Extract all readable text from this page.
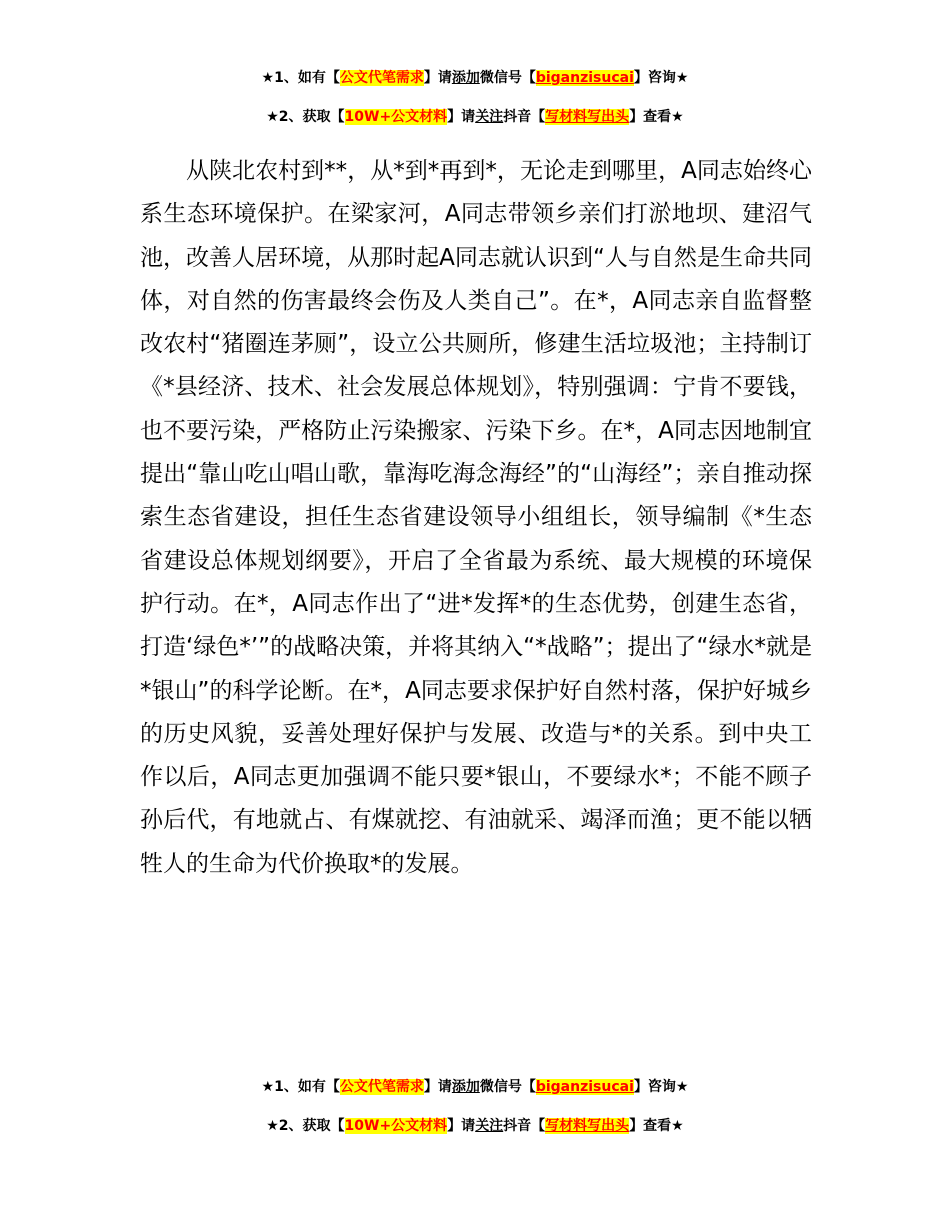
★1、如有【公文代笔需求】请添加微信号【biganzisucai】咨询★
★2、获取【10W+公文材料】请关注抖音【写材料写出头】查看★

从陕北农村到**，从*到*再到*，无论走到哪里，A同志始终心系生态环境保护。在梁家河，A同志带领乡亲们打淤地坝、建沼气池，改善人居环境，从那时起A同志就认识到“人与自然是生命共同体，对自然的伤害最终会伤及人类自己”。在*，A同志亲自监督整改农村“猪圈连茅厕”，设立公共厕所，修建生活垃圾池；主持制订《*县经济、技术、社会发展总体规划》，特别强调：宁肯不要钱，也不要污染，严格防止污染搬家、污染下乡。在*，A同志因地制宜提出“靠山吃山唱山歌，靠海吃海念海经”的“山海经”；亲自推动探索生态省建设，担任生态省建设领导小组组长，领导编制《*生态省建设总体规划纲要》，开启了全省最为系统、最大规模的环境保护行动。在*，A同志作出了“进*发挥*的生态优势，创建生态省，打造‘绿色*’”的战略决策，并将其纳入“*战略”；提出了“绿水*就是*银山”的科学论断。在*，A同志要求保护好自然村落，保护好城乡的历史风貌，妥善处理好保护与发展、改造与*的关系。到中央工作以后，A同志更加强调不能只要*银山，不要绿水*；不能不顾子孙后代，有地就占、有煤就挖、有油就采、竭泽而渔；更不能以牺牲人的生命为代价换取*的发展。

★1、如有【公文代笔需求】请添加微信号【biganzisucai】咨询★
★2、获取【10W+公文材料】请关注抖音【写材料写出头】查看★
